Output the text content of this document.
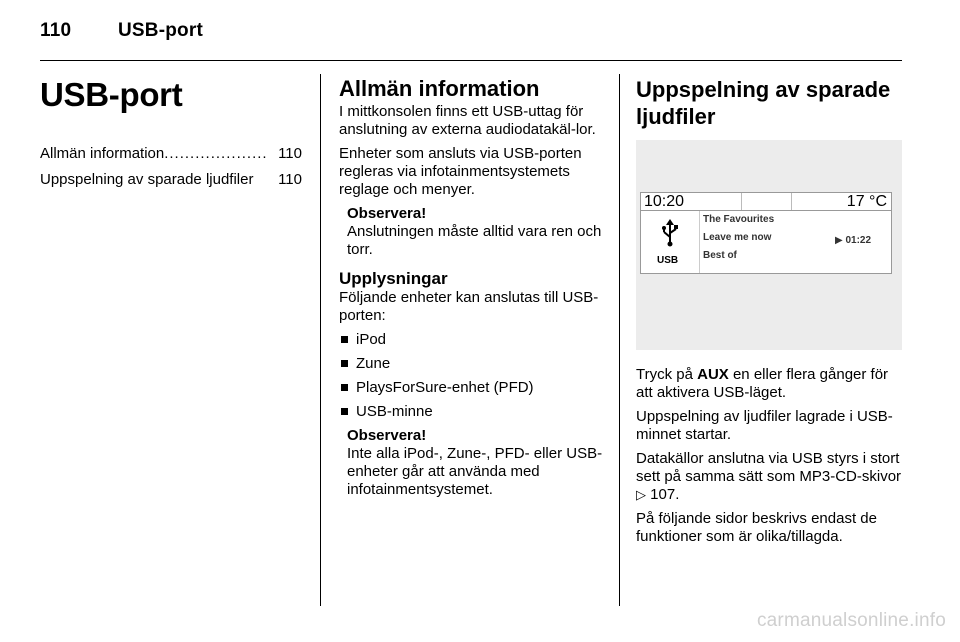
110 USB-port
USB-port
Allmän information .................... 110
Uppspelning av sparade ljudfiler	110
Allmän information

I mittkonsolen finns ett USB-uttag för anslutning av externa audiodatakäl-lor.

Enheter som ansluts via USB-porten regleras via infotainmentsystemets reglage och menyer.

Observera!

Anslutningen måste alltid vara ren och torr.

Upplysningar

Följande enheter kan anslutas till USB-porten:

iPod
Zune
PlaysForSure-enhet (PFD)
USB-minne
Observera!

Inte alla iPod-, Zune-, PFD- eller USB-enheter går att använda med infotainmentsystemet.

Uppspelning av sparade ljudfiler
10:20	17 °C
USB
The Favourites
Leave me now
Best of
▶ 01:22

Tryck på AUX en eller flera gånger för att aktivera USB-läget.

Uppspelning av ljudfiler lagrade i USB-minnet startar.

Datakällor anslutna via USB styrs i stort sett på samma sätt som MP3-CD-skivor ▷ 107.

På följande sidor beskrivs endast de funktioner som är olika/tillagda.

carmanualsonline.info
